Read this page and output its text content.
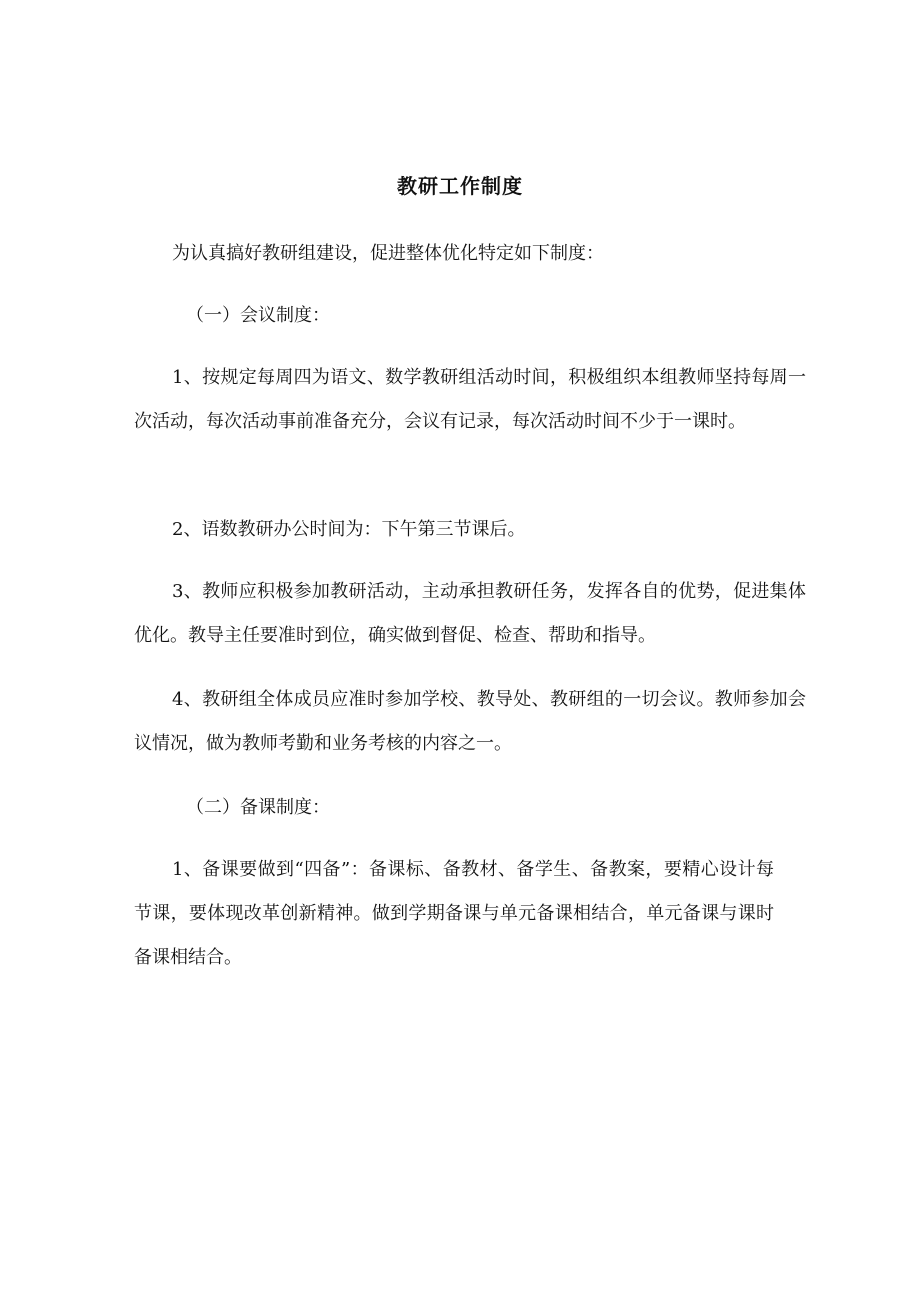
教研工作制度

为认真搞好教研组建设，促进整体优化特定如下制度：

（一）会议制度：

1、按规定每周四为语文、数学教研组活动时间，积极组织本组教师坚持每周一次活动，每次活动事前准备充分，会议有记录，每次活动时间不少于一课时。

2、语数教研办公时间为：下午第三节课后。

3、教师应积极参加教研活动，主动承担教研任务，发挥各自的优势，促进集体优化。教导主任要准时到位，确实做到督促、检查、帮助和指导。

4、教研组全体成员应准时参加学校、教导处、教研组的一切会议。教师参加会议情况，做为教师考勤和业务考核的内容之一。

（二）备课制度：

1、备课要做到“四备”：备课标、备教材、备学生、备教案，要精心设计每节课，要体现改革创新精神。做到学期备课与单元备课相结合，单元备课与课时备课相结合。
